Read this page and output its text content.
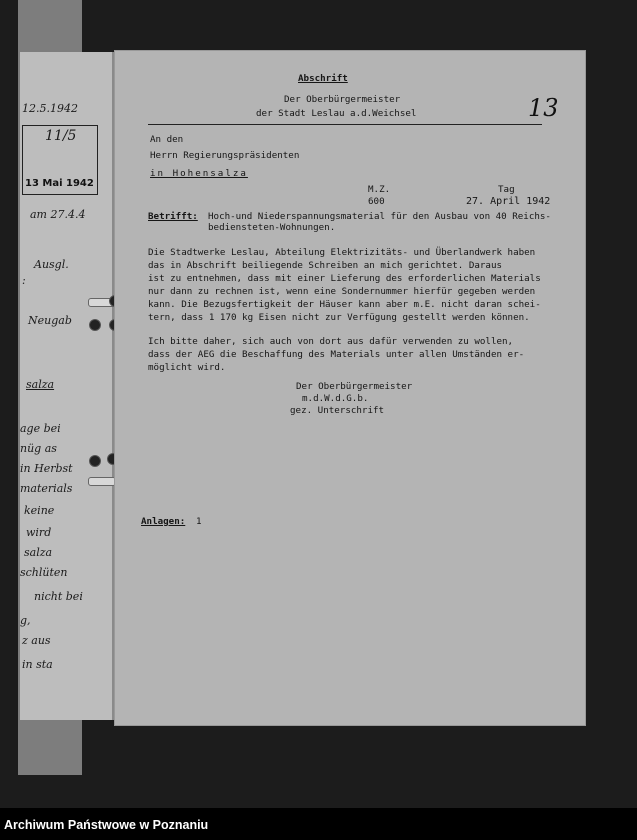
12.5.1942
11/5
13 Mai 1942
am 27.4.4
Ausgl.
:
Neugab
salza
age bei
nüg as
in Herbst
materials
keine
wird
salza
schlüten
nicht bei
g,
z aus
in sta
Abschrift
Der Oberbürgermeister
der Stadt Leslau a.d.Weichsel	13
An den
Herrn Regierungspräsidenten
in Hohensalza
M.Z.
600
Tag
27. April 1942
Betrifft: Hoch-und Niederspannungsmaterial für den Ausbau von 40 Reichs-
bediensteten-Wohnungen.
Die Stadtwerke Leslau, Abteilung Elektrizitäts- und Überlandwerk haben
das in Abschrift beiliegende Schreiben an mich gerichtet. Daraus
ist zu entnehmen, dass mit einer Lieferung des erforderlichen Materials
nur dann zu rechnen ist, wenn eine Sondernummer hierfür gegeben werden
kann. Die Bezugsfertigkeit der Häuser kann aber m.E. nicht daran schei-
tern, dass 1 170 kg Eisen nicht zur Verfügung gestellt werden können.
Ich bitte daher, sich auch von dort aus dafür verwenden zu wollen,
dass der AEG die Beschaffung des Materials unter allen Umständen er-
möglicht wird.
Der Oberbürgermeister
m.d.W.d.G.b.
gez. Unterschrift
Anlagen: 1
Archiwum Państwowe w Poznaniu
